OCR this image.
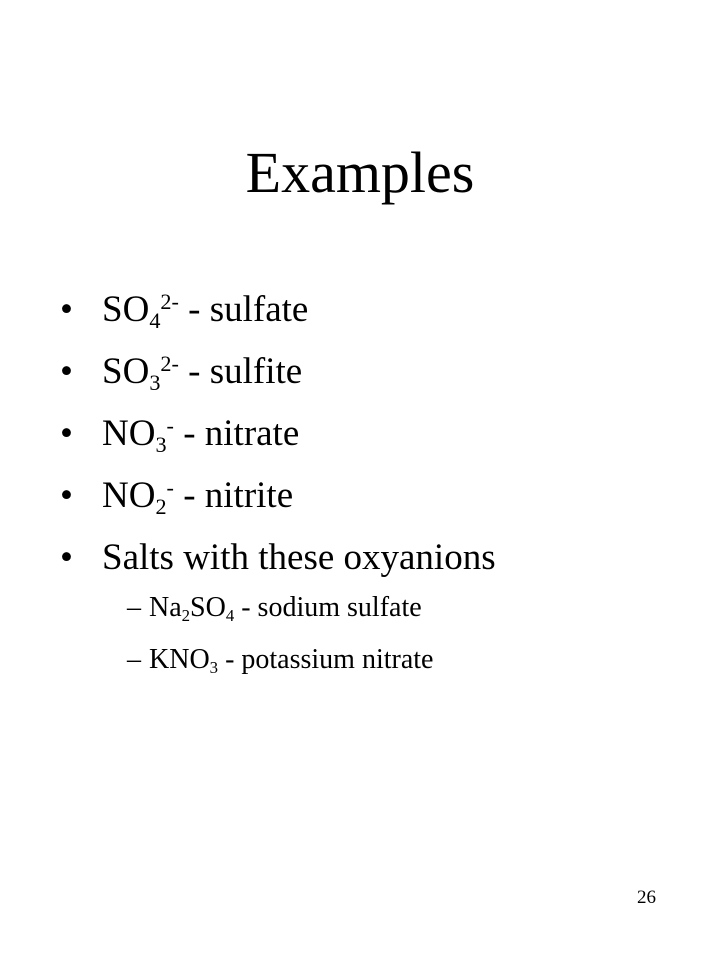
Examples
• $SO_4^{2-}$ - sulfate
• $SO_3^{2-}$ - sulfite
• $NO_3^-$ - nitrate
• $NO_2^-$ - nitrite
• Salts with these oxyanions
– $Na_2SO_4$ - sodium sulfate
– $KNO_3$ - potassium nitrate
26
